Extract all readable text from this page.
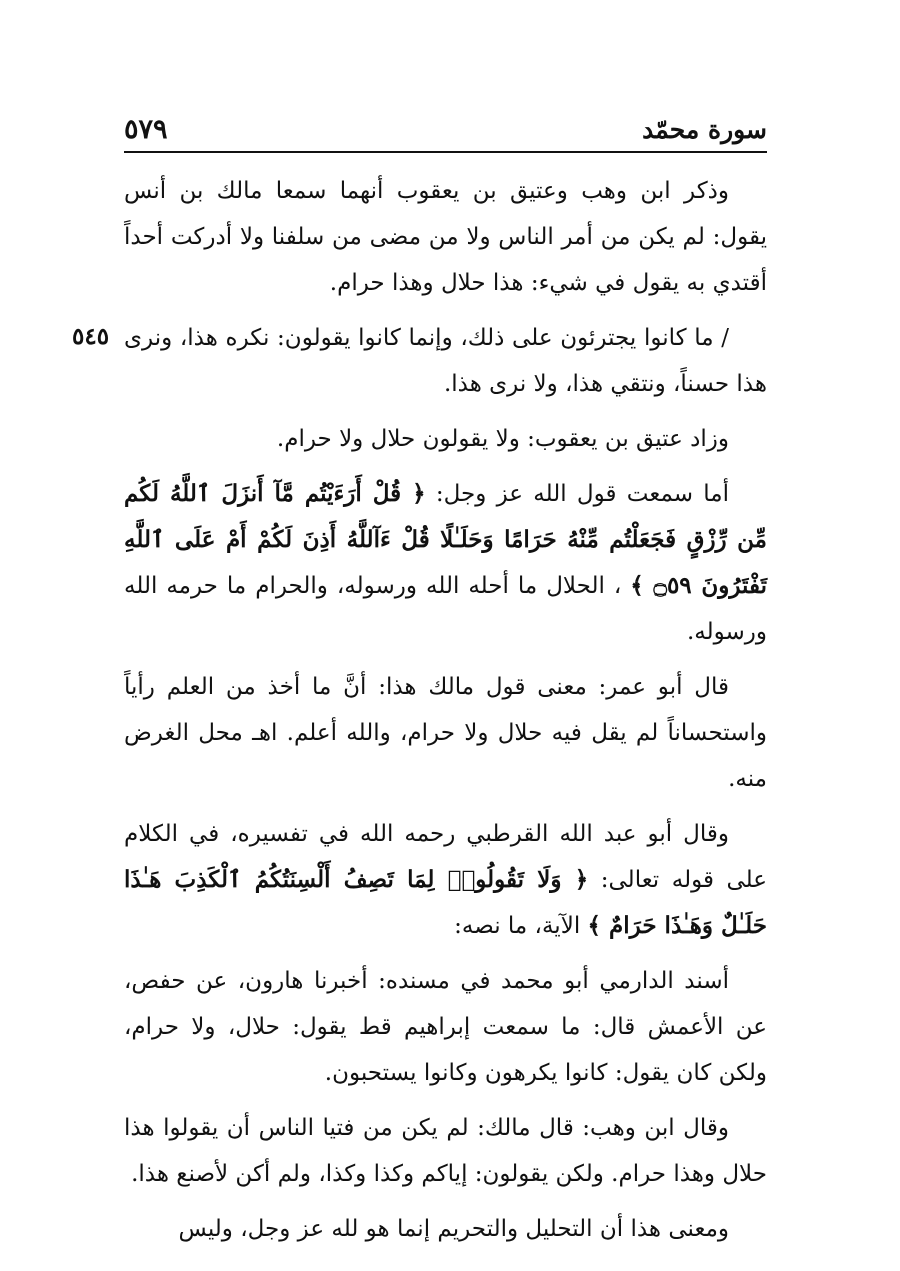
سورة محمّد
٥٧٩
٥٤٥

وذكر ابن وهب وعتيق بن يعقوب أنهما سمعا مالك بن أنس يقول: لم يكن من أمر الناس ولا من مضى من سلفنا ولا أدركت أحداً أقتدي به يقول في شيء: هذا حلال وهذا حرام.

/ ما كانوا يجترئون على ذلك، وإنما كانوا يقولون: نكره هذا، ونرى هذا حسناً، ونتقي هذا، ولا نرى هذا.

وزاد عتيق بن يعقوب: ولا يقولون حلال ولا حرام.

أما سمعت قول الله عز وجل: ﴿ قُلْ أَرَءَيْتُم مَّآ أَنزَلَ ٱللَّهُ لَكُم مِّن رِّزْقٍ فَجَعَلْتُم مِّنْهُ حَرَامًا وَحَلَـٰلًا قُلْ ءَآللَّهُ أَذِنَ لَكُمْ أَمْ عَلَى ٱللَّهِ تَفْتَرُونَ ۝٥٩ ﴾ ، الحلال ما أحله الله ورسوله، والحرام ما حرمه الله ورسوله.

قال أبو عمر: معنى قول مالك هذا: أنَّ ما أخذ من العلم رأياً واستحساناً لم يقل فيه حلال ولا حرام، والله أعلم. اهـ محل الغرض منه.

وقال أبو عبد الله القرطبي رحمه الله في تفسيره، في الكلام على قوله تعالى: ﴿ وَلَا تَقُولُوا۟ لِمَا تَصِفُ أَلْسِنَتُكُمُ ٱلْكَذِبَ هَـٰذَا حَلَـٰلٌ وَهَـٰذَا حَرَامٌ ﴾ الآية، ما نصه:

أسند الدارمي أبو محمد في مسنده: أخبرنا هارون، عن حفص، عن الأعمش قال: ما سمعت إبراهيم قط يقول: حلال، ولا حرام، ولكن كان يقول: كانوا يكرهون وكانوا يستحبون.

وقال ابن وهب: قال مالك: لم يكن من فتيا الناس أن يقولوا هذا حلال وهذا حرام. ولكن يقولون: إياكم وكذا وكذا، ولم أكن لأصنع هذا.

ومعنى هذا أن التحليل والتحريم إنما هو لله عز وجل، وليس
